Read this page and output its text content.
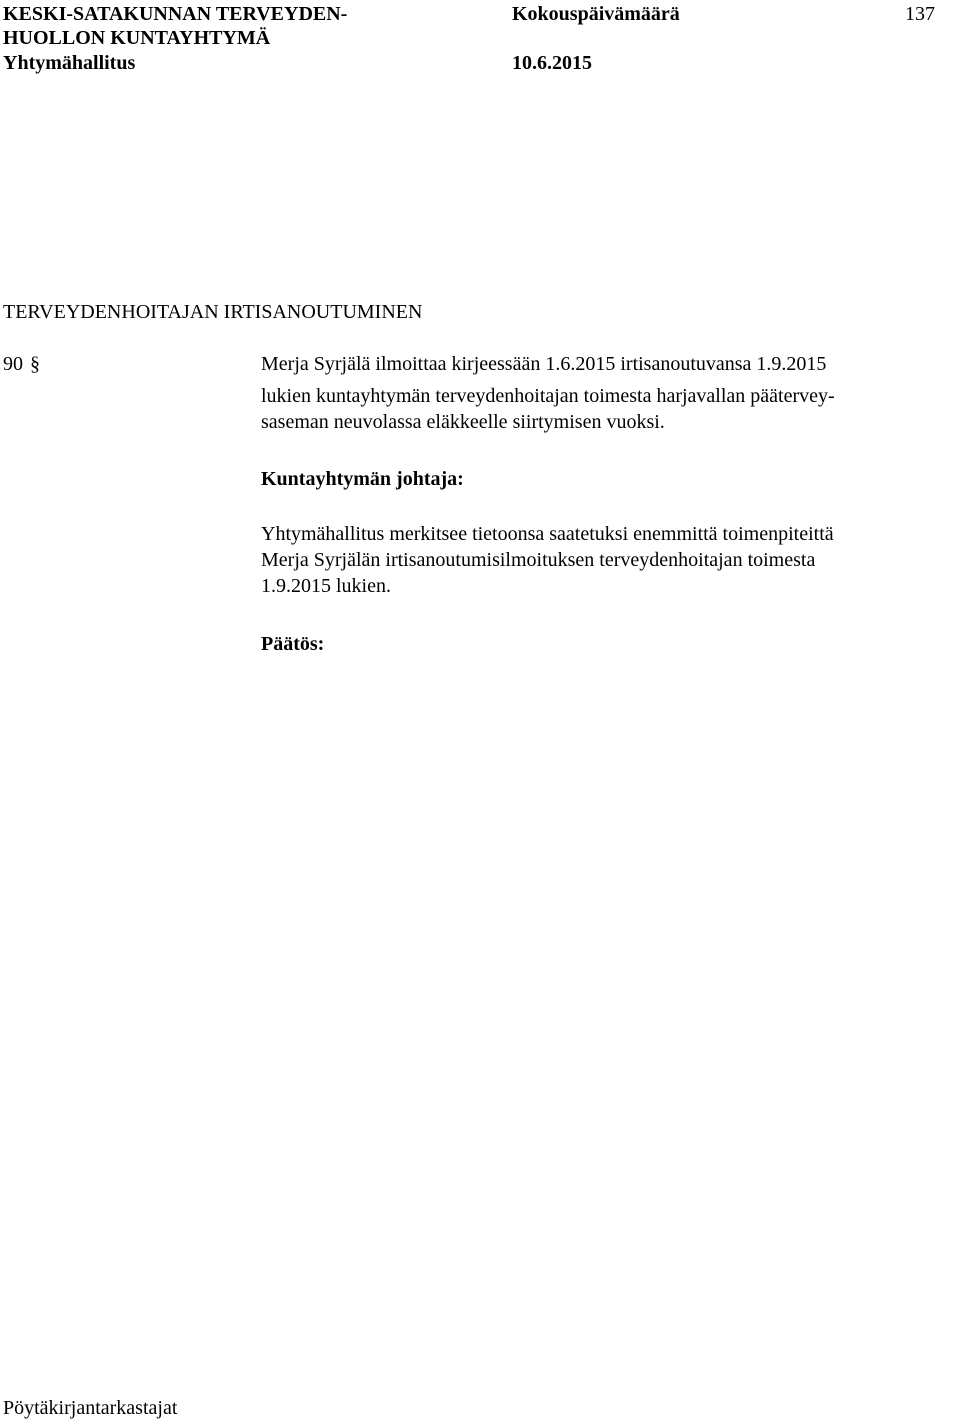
KESKI-SATAKUNNAN TERVEYDEN-
HUOLLON KUNTAYHTYMÄ
Yhtymähallitus
Kokouspäivämäärä
10.6.2015
137
TERVEYDENHOITAJAN IRTISANOUTUMINEN
90 §	Merja Syrjälä ilmoittaa kirjeessään 1.6.2015 irtisanoutuvansa 1.9.2015
lukien kuntayhtymän terveydenhoitajan toimesta harjavallan päätervey-
saseman neuvolassa eläkkeelle siirtymisen vuoksi.
Kuntayhtymän johtaja:
Yhtymähallitus merkitsee tietoonsa saatetuksi enemmittä toimenpiteittä
Merja Syrjälän irtisanoutumisilmoituksen terveydenhoitajan toimesta
1.9.2015 lukien.
Päätös:
Pöytäkirjantarkastajat
